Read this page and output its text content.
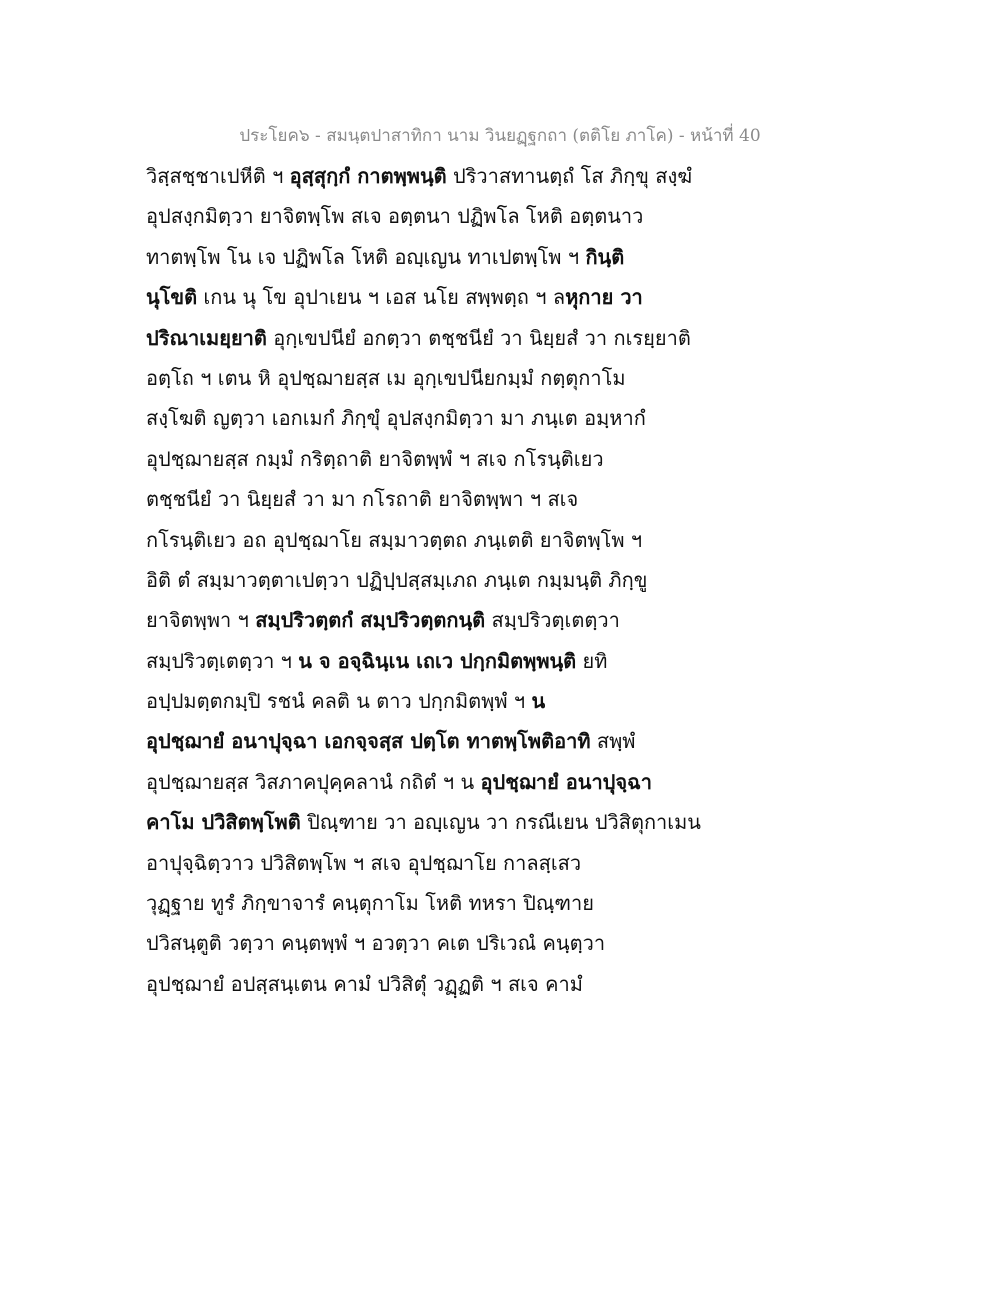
ประโยค๖ - สมนฺตปาสาทิกา นาม วินยฏฺฐกถา (ตติโย ภาโค) - หน้าที่ 40
วิสฺสชฺชาเปหีติ ฯ อุสฺสุกฺกํ กาตพฺพนฺติ ปริวาสทานตฺถํ โส ภิกฺขุ สงฺฆํ
อุปสงฺกมิตฺวา ยาจิตพฺโพ สเจ อตฺตนา ปฏิพโล โหติ อตฺตนาว
ทาตพฺโพ โน เจ ปฏิพโล โหติ อญฺเญน ทาเปตพฺโพ ฯ กินฺติ
นุโขติ เกน นุ โข อุปาเยน ฯ เอส นโย สพฺพตฺถ ฯ ลหุกาย วา
ปริณาเมยฺยาติ อุกฺเขปนียํ อกตฺวา ตชฺชนียํ วา นิยฺยสํ วา กเรยฺยาติ
อตฺโถ ฯ เตน หิ อุปชฺฌายสฺส เม อุกฺเขปนียกมฺมํ กตฺตุกาโม
สงฺโฆติ ญตฺวา เอกเมกํ ภิกฺขุํ อุปสงฺกมิตฺวา มา ภนฺเต อมฺหากํ
อุปชฺฌายสฺส กมฺมํ กริตฺถาติ ยาจิตพฺพํ ฯ สเจ กโรนฺติเยว
ตชฺชนียํ วา นิยฺยสํ วา มา กโรถาติ ยาจิตพฺพา ฯ สเจ
กโรนฺติเยว อถ อุปชฺฌาโย สมฺมาวตฺตถ ภนฺเตติ ยาจิตพฺโพ ฯ
อิติ ตํ สมฺมาวตฺตาเปตฺวา ปฏิปฺปสฺสมฺเภถ ภนฺเต กมฺมนฺติ ภิกฺขู
ยาจิตพฺพา ฯ สมฺปริวตฺตกํ สมฺปริวตฺตกนฺติ สมฺปริวตฺเตตฺวา
สมฺปริวตฺเตตฺวา ฯ น จ อจฺฉินฺเน เถเว ปกฺกมิตพฺพนฺติ ยทิ
อปฺปมตฺตกมฺปิ รชนํ คลติ น ตาว ปกฺกมิตพฺพํ ฯ น
อุปชฺฌายํ อนาปุจฺฉา เอกจฺจสฺส ปตฺโต ทาตพฺโพติอาทิ สพฺพํ
อุปชฺฌายสฺส วิสภาคปุคฺคลานํ กถิตํ ฯ น อุปชฺฌายํ อนาปุจฺฉา
คาโม ปวิสิตพฺโพติ ปิณฺฑาย วา อญฺเญน วา กรณีเยน ปวิสิตุกาเมน
อาปุจฺฉิตฺวาว ปวิสิตพฺโพ ฯ สเจ อุปชฺฌาโย กาลสฺเสว
วุฏฺฐาย ทูรํ ภิกฺขาจารํ คนฺตุกาโม โหติ ทหรา ปิณฺฑาย
ปวิสนฺตูติ วตฺวา คนฺตพฺพํ ฯ อวตฺวา คเต ปริเวณํ คนฺตฺวา
อุปชฺฌายํ อปสฺสนฺเตน คามํ ปวิสิตุํ วฏฺฏติ ฯ สเจ คามํ
